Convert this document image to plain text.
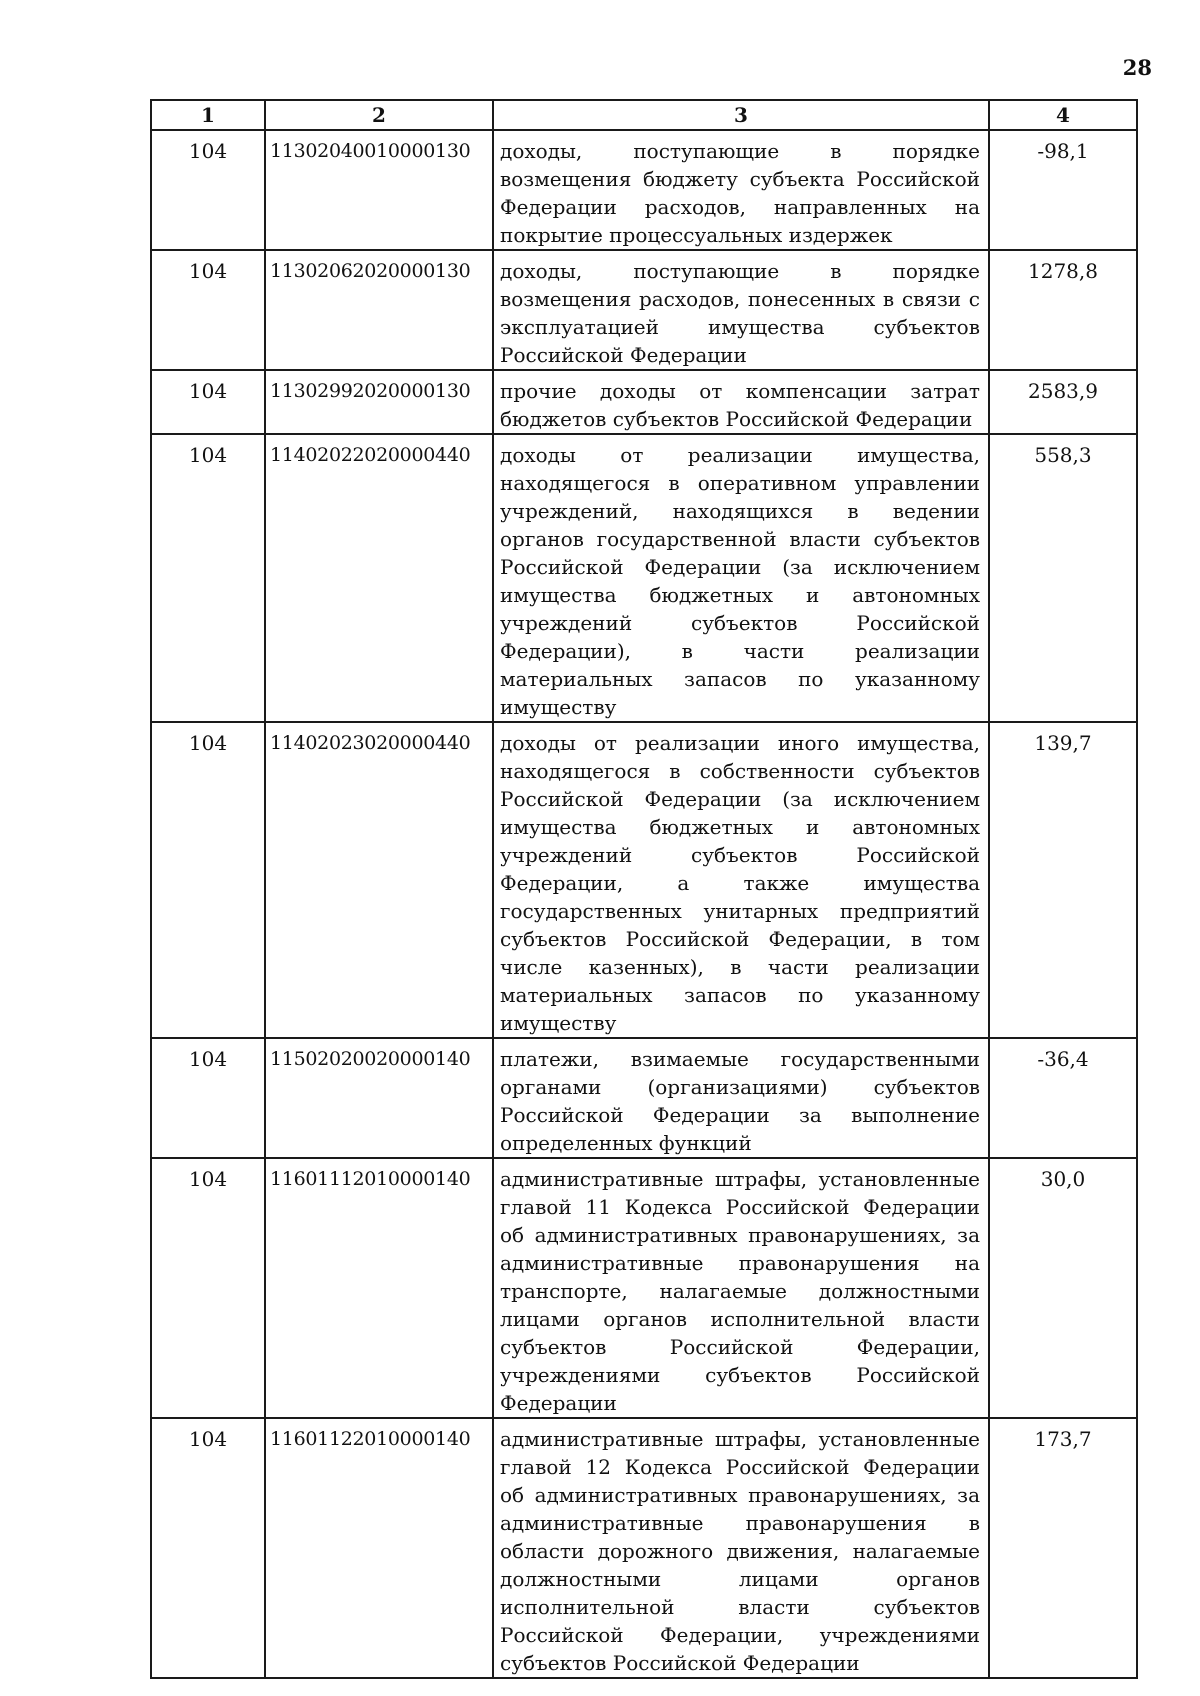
28
1	2	3	4
104	11302040010000130	доходы, поступающие в порядке возмещения бюджету субъекта Российской Федерации расходов, направленных на покрытие процессуальных издержек	-98,1
104	11302062020000130	доходы, поступающие в порядке возмещения расходов, понесенных в связи с эксплуатацией имущества субъектов Российской Федерации	1278,8
104	11302992020000130	прочие доходы от компенсации затрат бюджетов субъектов Российской Федерации	2583,9
104	11402022020000440	доходы от реализации имущества, находящегося в оперативном управлении учреждений, находящихся в ведении органов государственной власти субъектов Российской Федерации (за исключением имущества бюджетных и автономных учреждений субъектов Российской Федерации), в части реализации материальных запасов по указанному имуществу	558,3
104	11402023020000440	доходы от реализации иного имущества, находящегося в собственности субъектов Российской Федерации (за исключением имущества бюджетных и автономных учреждений субъектов Российской Федерации, а также имущества государственных унитарных предприятий субъектов Российской Федерации, в том числе казенных), в части реализации материальных запасов по указанному имуществу	139,7
104	11502020020000140	платежи, взимаемые государственными органами (организациями) субъектов Российской Федерации за выполнение определенных функций	-36,4
104	11601112010000140	административные штрафы, установленные главой 11 Кодекса Российской Федерации об административных правонарушениях, за административные правонарушения на транспорте, налагаемые должностными лицами органов исполнительной власти субъектов Российской Федерации, учреждениями субъектов Российской Федерации	30,0
104	11601122010000140	административные штрафы, установленные главой 12 Кодекса Российской Федерации об административных правонарушениях, за административные правонарушения в области дорожного движения, налагаемые должностными лицами органов исполнительной власти субъектов Российской Федерации, учреждениями субъектов Российской Федерации	173,7
